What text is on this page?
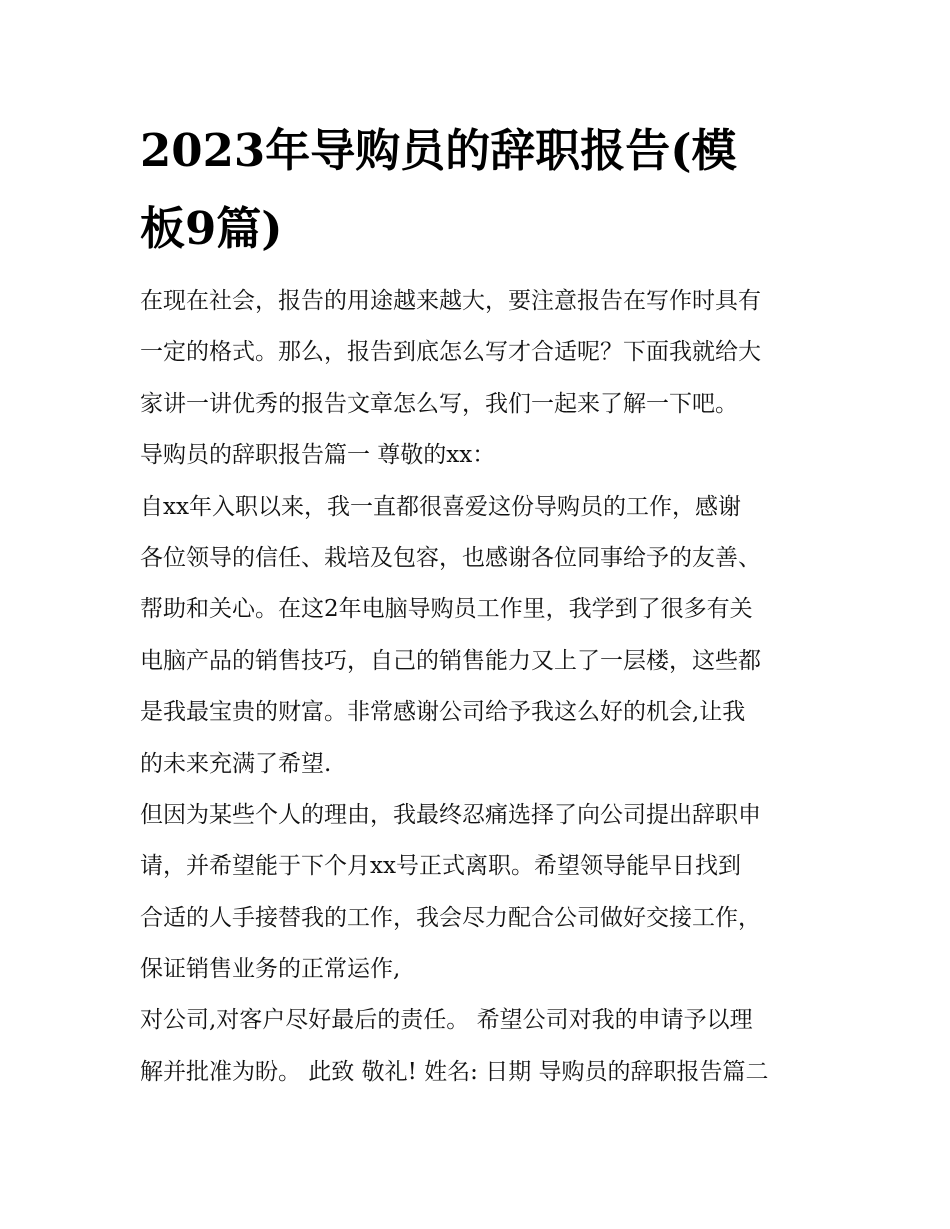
2023年导购员的辞职报告(模
板9篇)
在现在社会，报告的用途越来越大，要注意报告在写作时具有
一定的格式。那么，报告到底怎么写才合适呢？下面我就给大
家讲一讲优秀的报告文章怎么写，我们一起来了解一下吧。
导购员的辞职报告篇一 尊敬的xx：
自xx年入职以来，我一直都很喜爱这份导购员的工作，感谢
各位领导的信任、栽培及包容，也感谢各位同事给予的友善、
帮助和关心。在这2年电脑导购员工作里，我学到了很多有关
电脑产品的销售技巧，自己的销售能力又上了一层楼，这些都
是我最宝贵的财富。非常感谢公司给予我这么好的机会,让我
的未来充满了希望.
但因为某些个人的理由，我最终忍痛选择了向公司提出辞职申
请，并希望能于下个月xx号正式离职。希望领导能早日找到
合适的人手接替我的工作，我会尽力配合公司做好交接工作，
保证销售业务的正常运作,
对公司,对客户尽好最后的责任。 希望公司对我的申请予以理
解并批准为盼。 此致 敬礼! 姓名: 日期 导购员的辞职报告篇二
